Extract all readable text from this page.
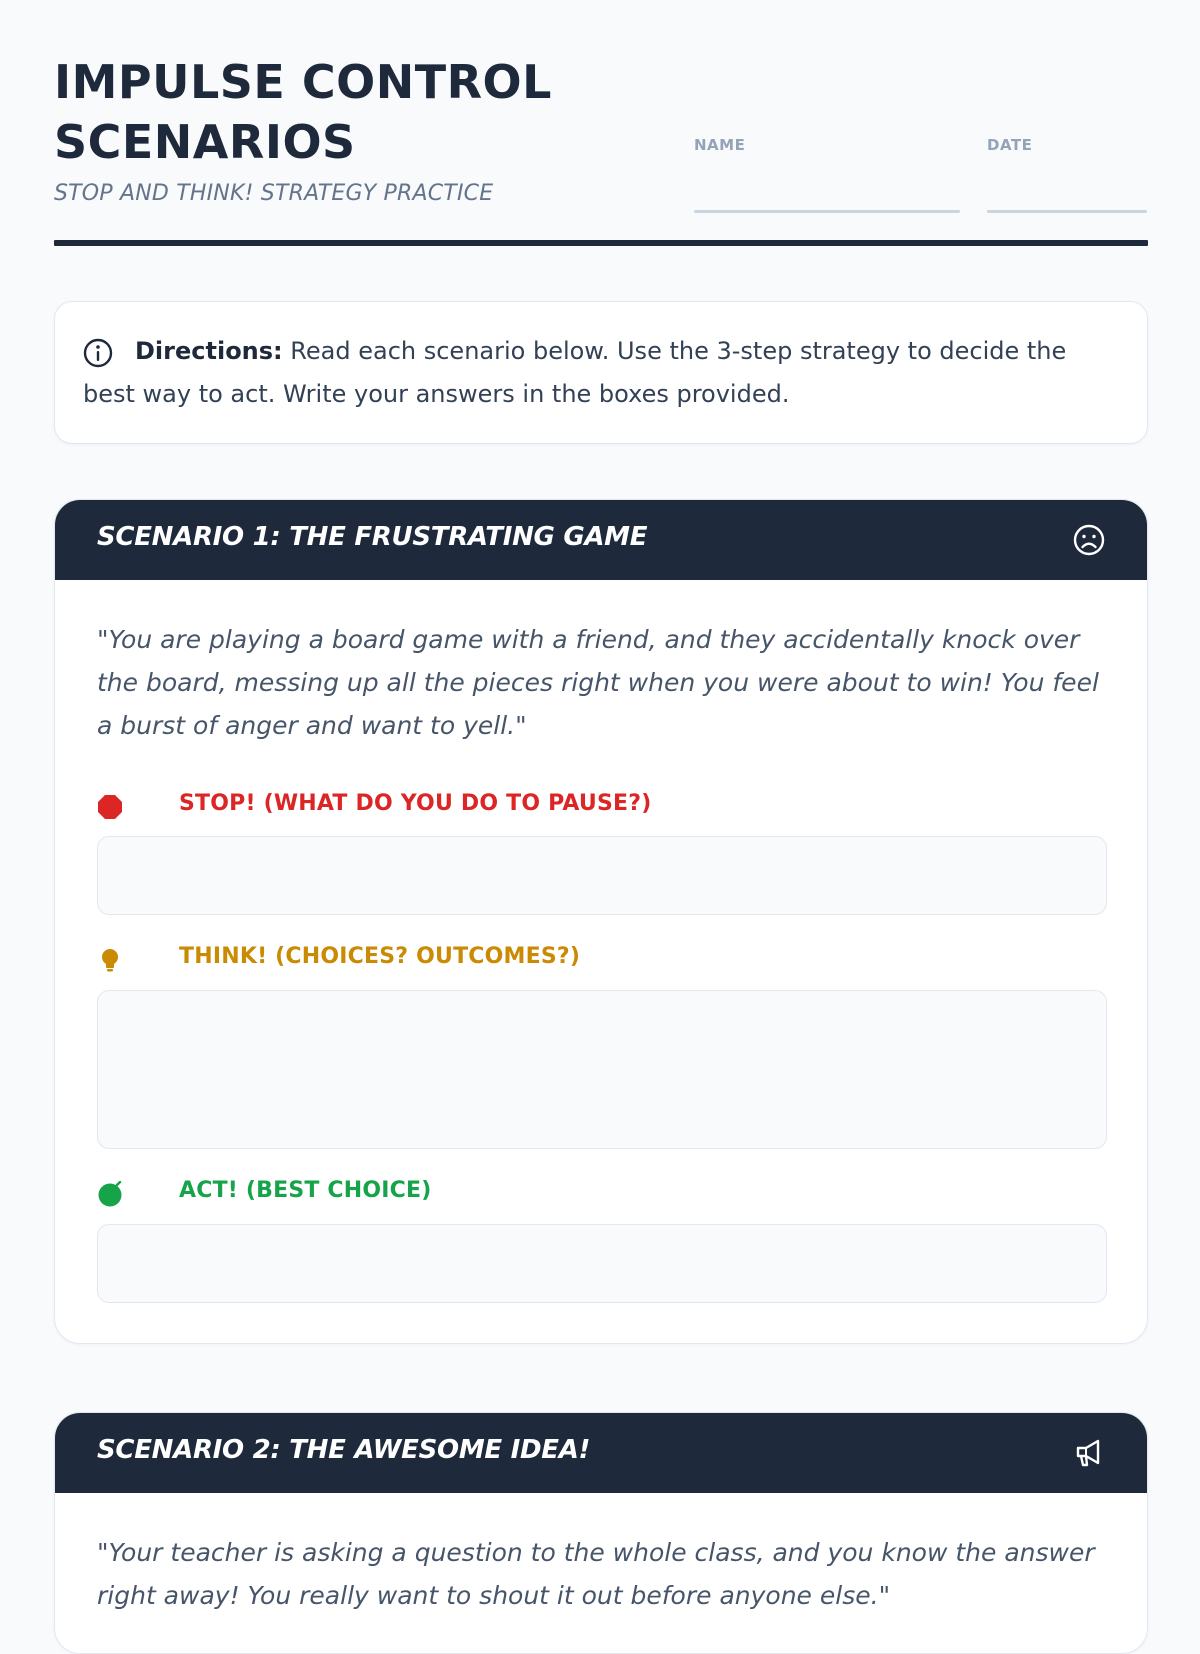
IMPULSE CONTROL SCENARIOS
STOP AND THINK! STRATEGY PRACTICE
NAME	DATE
Directions: Read each scenario below. Use the 3-step strategy to decide the best way to act. Write your answers in the boxes provided.
SCENARIO 1: THE FRUSTRATING GAME
"You are playing a board game with a friend, and they accidentally knock over the board, messing up all the pieces right when you were about to win! You feel a burst of anger and want to yell."
STOP! (WHAT DO YOU DO TO PAUSE?)
THINK! (CHOICES? OUTCOMES?)
ACT! (BEST CHOICE)
SCENARIO 2: THE AWESOME IDEA!
"Your teacher is asking a question to the whole class, and you know the answer right away! You really want to shout it out before anyone else."
